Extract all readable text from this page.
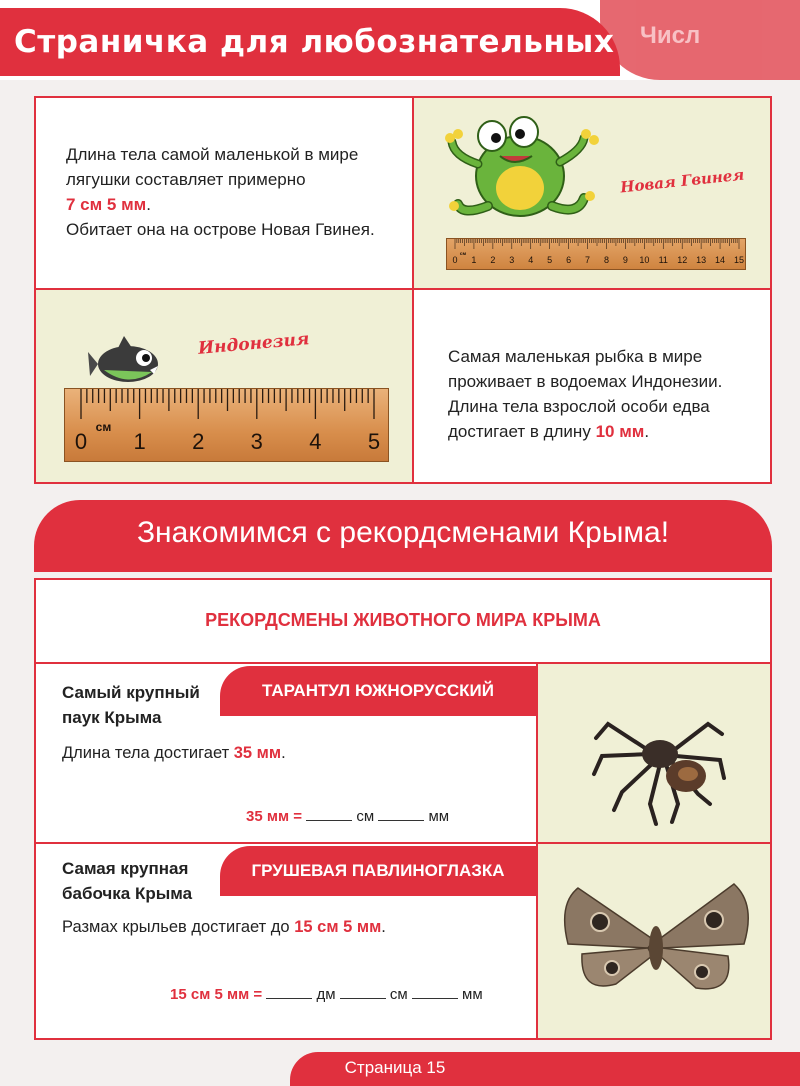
Числ
Страничка для любознательных
Длина тела самой маленькой в мире лягушки составляет примерно
7 см 5 мм.
Обитает она на острове Новая Гвинея.
Новая Гвинея
0 1 2 3 4 5 6 7 8 9 10 11 12 13 14 15
см
Индонезия
0 1 2 3 4 5
см
Самая маленькая рыбка в мире проживает в водоемах Индонезии. Длина тела взрослой особи едва достигает в длину 10 мм.
Знакомимся с рекордсменами Крыма!
РЕКОРДСМЕНЫ ЖИВОТНОГО МИРА КРЫМА
ТАРАНТУЛ ЮЖНОРУССКИЙ
Самый крупный
паук Крыма
Длина тела достигает 35 мм.
35 мм =	см	мм
ГРУШЕВАЯ ПАВЛИНОГЛАЗКА
Самая крупная
бабочка Крыма
Размах крыльев достигает до 15 см 5 мм.
15 см 5 мм =	дм	см	мм
Страница 15
